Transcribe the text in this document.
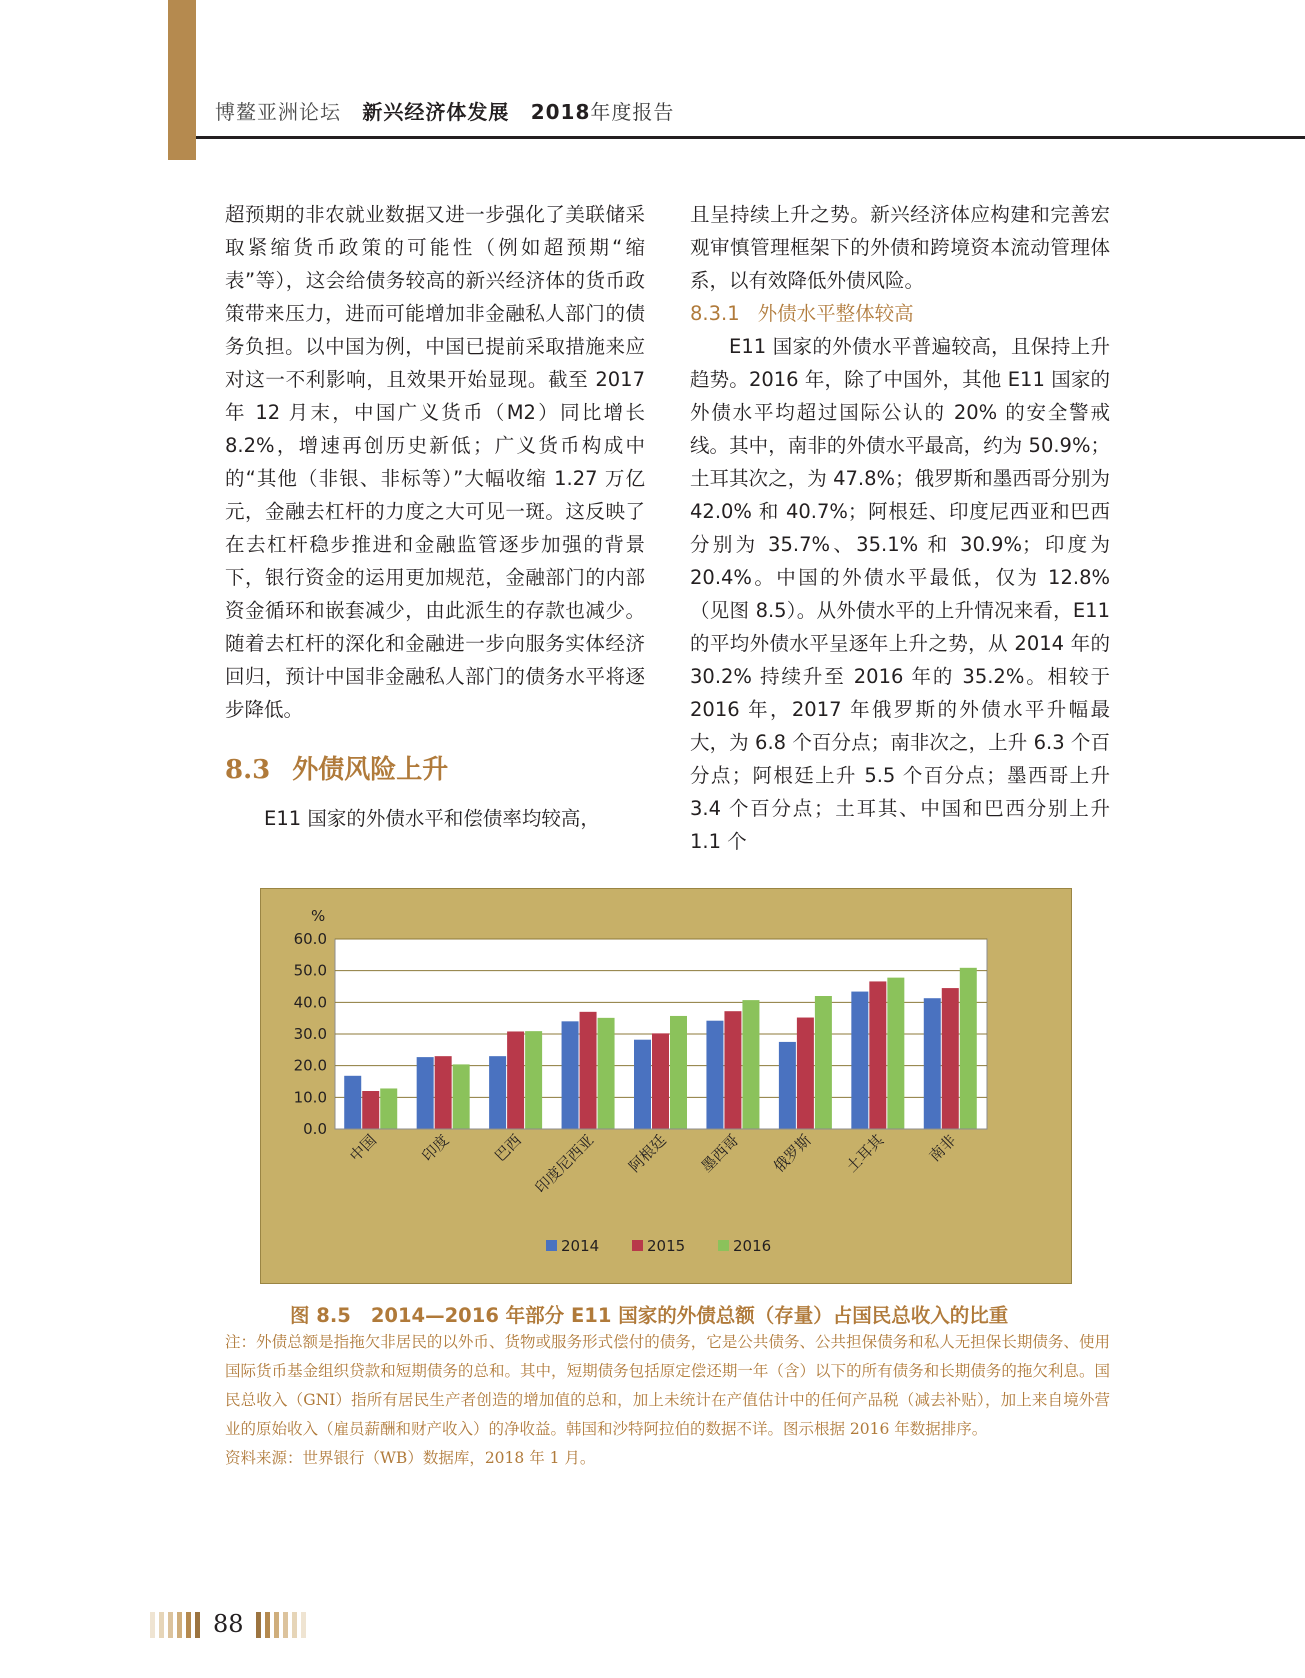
博鳌亚洲论坛 新兴经济体发展 2018年度报告

超预期的非农就业数据又进一步强化了美联储采取紧缩货币政策的可能性（例如超预期“缩表”等），这会给债务较高的新兴经济体的货币政策带来压力，进而可能增加非金融私人部门的债务负担。以中国为例，中国已提前采取措施来应对这一不利影响，且效果开始显现。截至 2017 年 12 月末，中国广义货币（M2）同比增长 8.2%，增速再创历史新低；广义货币构成中的“其他（非银、非标等）”大幅收缩 1.27 万亿元，金融去杠杆的力度之大可见一斑。这反映了在去杠杆稳步推进和金融监管逐步加强的背景下，银行资金的运用更加规范，金融部门的内部资金循环和嵌套减少，由此派生的存款也减少。随着去杠杆的深化和金融进一步向服务实体经济回归，预计中国非金融私人部门的债务水平将逐步降低。

8.3 外债风险上升

E11 国家的外债水平和偿债率均较高，

且呈持续上升之势。新兴经济体应构建和完善宏观审慎管理框架下的外债和跨境资本流动管理体系，以有效降低外债风险。

8.3.1 外债水平整体较高

E11 国家的外债水平普遍较高，且保持上升趋势。2016 年，除了中国外，其他 E11 国家的外债水平均超过国际公认的 20% 的安全警戒线。其中，南非的外债水平最高，约为 50.9%；土耳其次之，为 47.8%；俄罗斯和墨西哥分别为 42.0% 和 40.7%；阿根廷、印度尼西亚和巴西分别为 35.7%、35.1% 和 30.9%；印度为 20.4%。中国的外债水平最低，仅为 12.8%（见图 8.5）。从外债水平的上升情况来看，E11 的平均外债水平呈逐年上升之势，从 2014 年的 30.2% 持续升至 2016 年的 35.2%。相较于 2016 年，2017 年俄罗斯的外债水平升幅最大，为 6.8 个百分点；南非次之，上升 6.3 个百分点；阿根廷上升 5.5 个百分点；墨西哥上升 3.4 个百分点；土耳其、中国和巴西分别上升 1.1 个

0.0
10.0
20.0
30.0
40.0
50.0
60.0
%
中国	印度	巴西 印度尼西亚 阿根廷 墨西哥 俄罗斯 土耳其	南非
2014	2015	2016
图 8.5 2014—2016 年部分 E11 国家的外债总额（存量）占国民总收入的比重

注：外债总额是指拖欠非居民的以外币、货物或服务形式偿付的债务，它是公共债务、公共担保债务和私人无担保长期债务、使用国际货币基金组织贷款和短期债务的总和。其中，短期债务包括原定偿还期一年（含）以下的所有债务和长期债务的拖欠利息。国民总收入（GNI）指所有居民生产者创造的增加值的总和，加上未统计在产值估计中的任何产品税（减去补贴），加上来自境外营业的原始收入（雇员薪酬和财产收入）的净收益。韩国和沙特阿拉伯的数据不详。图示根据 2016 年数据排序。

资料来源：世界银行（WB）数据库，2018 年 1 月。

88
